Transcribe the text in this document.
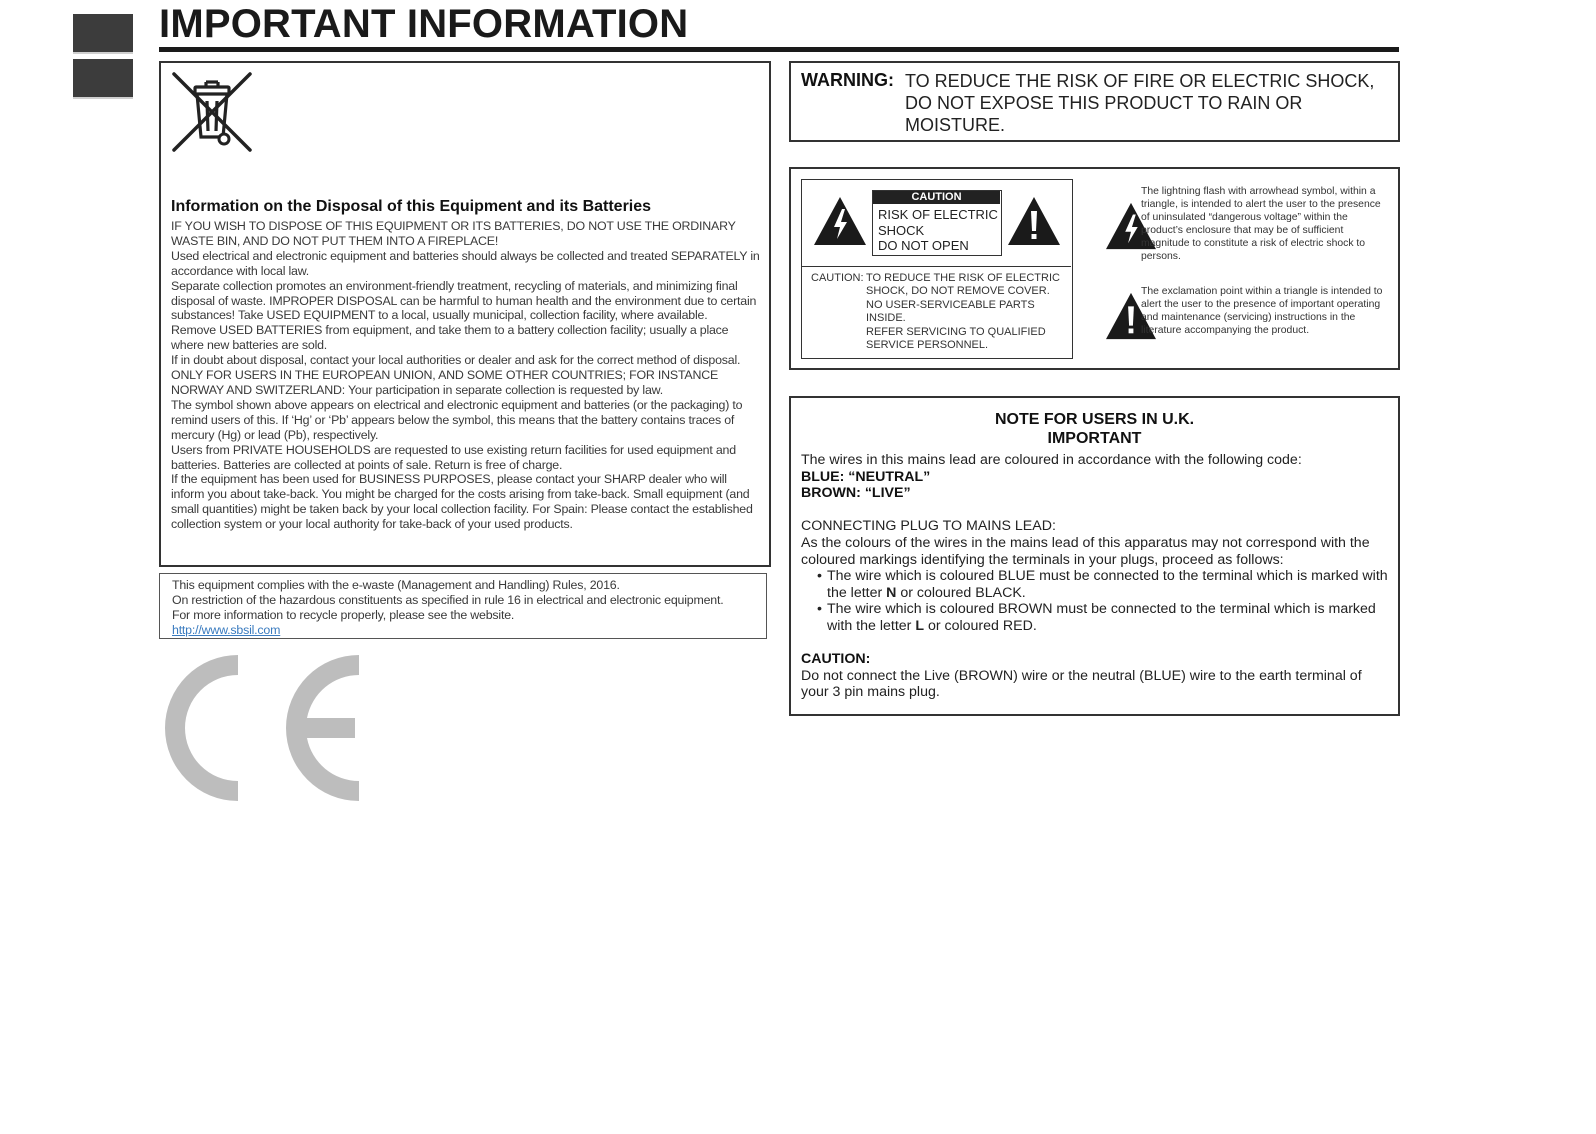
IMPORTANT INFORMATION
Information on the Disposal of this Equipment and its Batteries

IF YOU WISH TO DISPOSE OF THIS EQUIPMENT OR ITS BATTERIES, DO NOT USE THE ORDINARY WASTE BIN, AND DO NOT PUT THEM INTO A FIREPLACE!

Used electrical and electronic equipment and batteries should always be collected and treated SEPARATELY in accordance with local law.

Separate collection promotes an environment-friendly treatment, recycling of materials, and minimizing final disposal of waste. IMPROPER DISPOSAL can be harmful to human health and the environment due to certain substances! Take USED EQUIPMENT to a local, usually municipal, collection facility, where available.

Remove USED BATTERIES from equipment, and take them to a battery collection facility; usually a place where new batteries are sold.

If in doubt about disposal, contact your local authorities or dealer and ask for the correct method of disposal.

ONLY FOR USERS IN THE EUROPEAN UNION, AND SOME OTHER COUNTRIES; FOR INSTANCE NORWAY AND SWITZERLAND: Your participation in separate collection is requested by law.

The symbol shown above appears on electrical and electronic equipment and batteries (or the packaging) to remind users of this. If ‘Hg’ or ‘Pb’ appears below the symbol, this means that the battery contains traces of mercury (Hg) or lead (Pb), respectively.

Users from PRIVATE HOUSEHOLDS are requested to use existing return facilities for used equipment and batteries. Batteries are collected at points of sale. Return is free of charge.

If the equipment has been used for BUSINESS PURPOSES, please contact your SHARP dealer who will inform you about take-back. You might be charged for the costs arising from take-back. Small equipment (and small quantities) might be taken back by your local collection facility. For Spain: Please contact the established collection system or your local authority for take-back of your used products.

This equipment complies with the e-waste (Management and Handling) Rules, 2016.

On restriction of the hazardous constituents as specified in rule 16 in electrical and electronic equipment.

For more information to recycle properly, please see the website.

http://www.sbsil.com

WARNING: TO REDUCE THE RISK OF FIRE OR ELECTRIC SHOCK, DO NOT EXPOSE THIS PRODUCT TO RAIN OR MOISTURE.
CAUTION
RISK OF ELECTRIC
SHOCK
DO NOT OPEN
CAUTION: TO REDUCE THE RISK OF ELECTRIC
SHOCK, DO NOT REMOVE COVER.
NO USER-SERVICEABLE PARTS
INSIDE.
REFER SERVICING TO QUALIFIED
SERVICE PERSONNEL.
The lightning flash with arrowhead symbol, within a triangle, is intended to alert the user to the presence of uninsulated “dangerous voltage” within the product’s enclosure that may be of sufficient magnitude to constitute a risk of electric shock to persons.
The exclamation point within a triangle is intended to alert the user to the presence of important operating and maintenance (servicing) instructions in the literature accompanying the product.
NOTE FOR USERS IN U.K.
IMPORTANT

The wires in this mains lead are coloured in accordance with the following code:

BLUE: “NEUTRAL”

BROWN: “LIVE”

CONNECTING PLUG TO MAINS LEAD:

As the colours of the wires in the mains lead of this apparatus may not correspond with the coloured markings identifying the terminals in your plugs, proceed as follows:

• The wire which is coloured BLUE must be connected to the terminal which is marked with the letter N or coloured BLACK.

• The wire which is coloured BROWN must be connected to the terminal which is marked with the letter L or coloured RED.

CAUTION:

Do not connect the Live (BROWN) wire or the neutral (BLUE) wire to the earth terminal of your 3 pin mains plug.
